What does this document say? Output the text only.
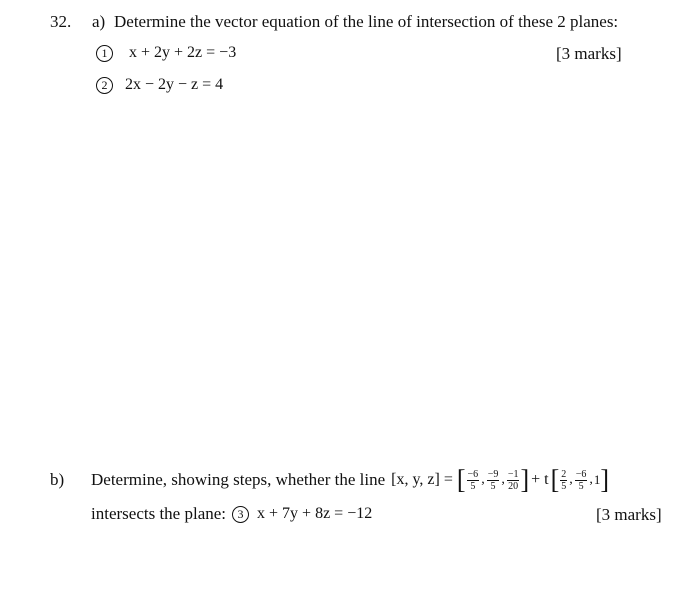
32. a) Determine the vector equation of the line of intersection of these 2 planes:
1 x + 2y + 2z = −3	[3 marks]
2 2x − 2y − z = 4
b) Determine, showing steps, whether the line [x, y, z] = [ $\frac{-6}{5}$ , $\frac{-9}{5}$ , $\frac{-1}{20}$ ] + t [ $\frac{2}{5}$ , $\frac{-6}{5}$ , 1 ]
intersects the plane: 3 x + 7y + 8z = −12	[3 marks]
